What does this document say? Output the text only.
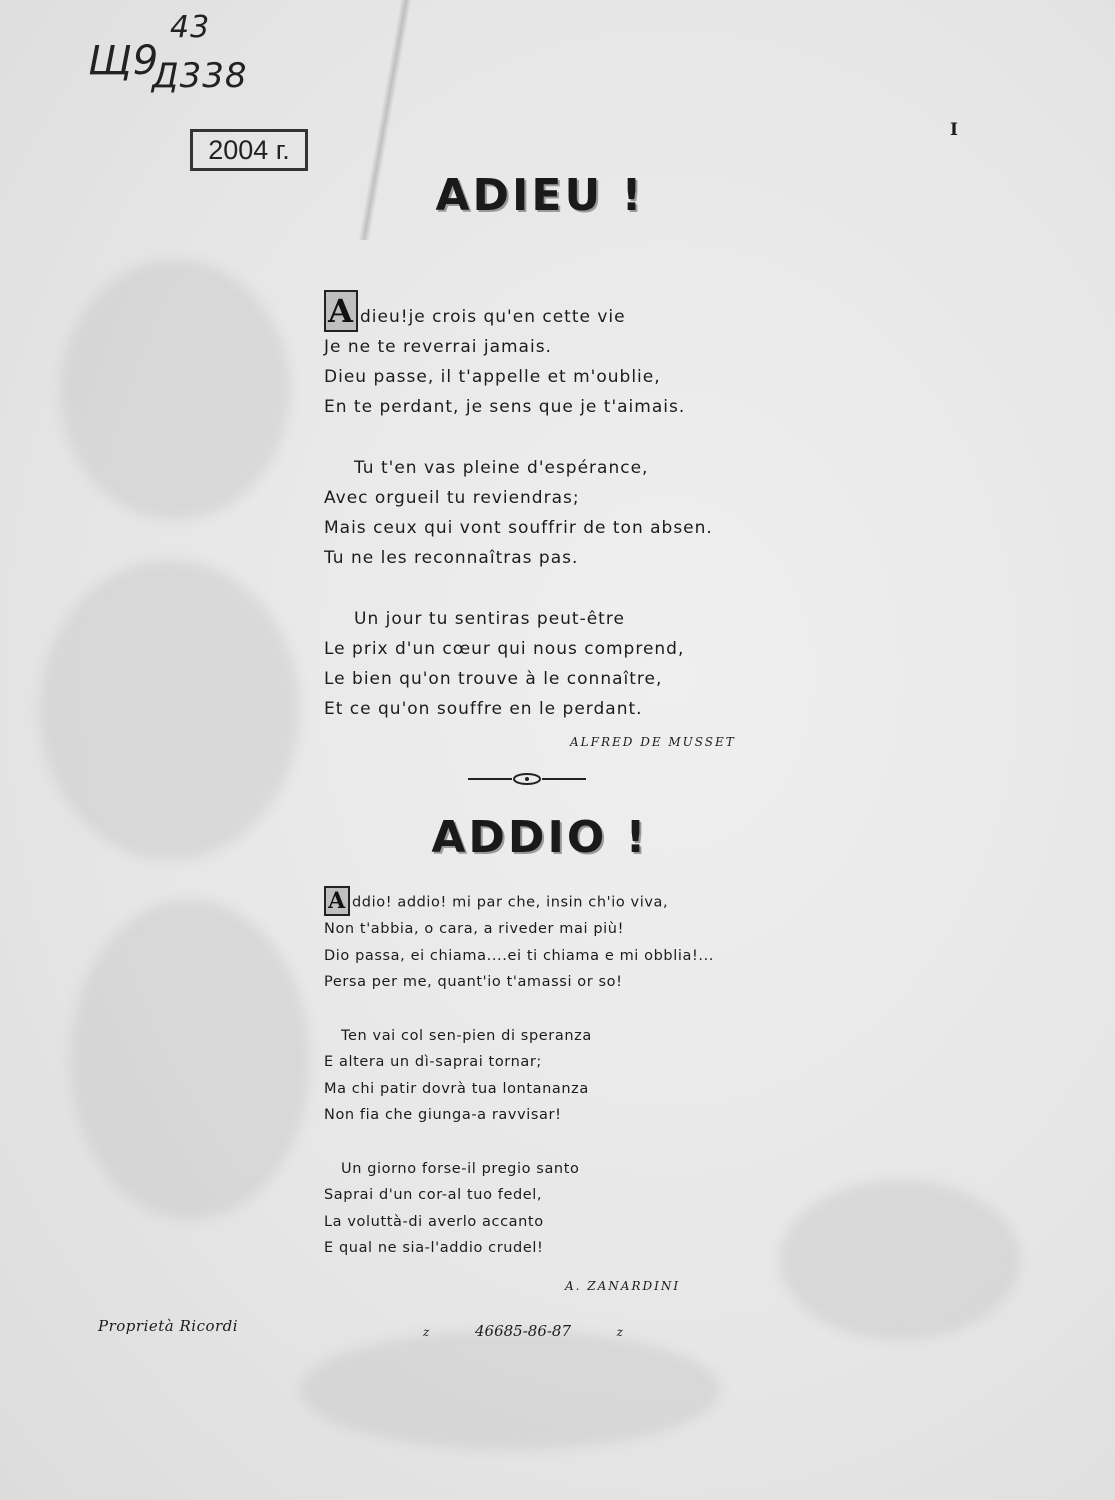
Щ9
43
Д338
2004 г.
I
ADIEU !
A dieu!je crois qu'en cette vie
Je ne te reverrai jamais.
Dieu passe, il t'appelle et m'oublie,
En te perdant, je sens que je t'aimais.
Tu t'en vas pleine d'espérance,
Avec orgueil tu reviendras;
Mais ceux qui vont souffrir de ton absen.
Tu ne les reconnaîtras pas.
Un jour tu sentiras peut-être
Le prix d'un cœur qui nous comprend,
Le bien qu'on trouve à le connaître,
Et ce qu'on souffre en le perdant.
ALFRED DE MUSSET
ADDIO !
A ddio! addio! mi par che, insin ch'io viva,
Non t'abbia, o cara, a riveder mai più!
Dio passa, ei chiama....ei ti chiama e mi obblia!...
Persa per me, quant'io t'amassi or so!
Ten vai col sen-pien di speranza
E altera un dì-saprai tornar;
Ma chi patir dovrà tua lontananza
Non fia che giunga-a ravvisar!
Un giorno forse-il pregio santo
Saprai d'un cor-al tuo fedel,
La voluttà-di averlo accanto
E qual ne sia-l'addio crudel!
A. ZANARDINI
Proprietà Ricordi	z	46685-86-87	z
